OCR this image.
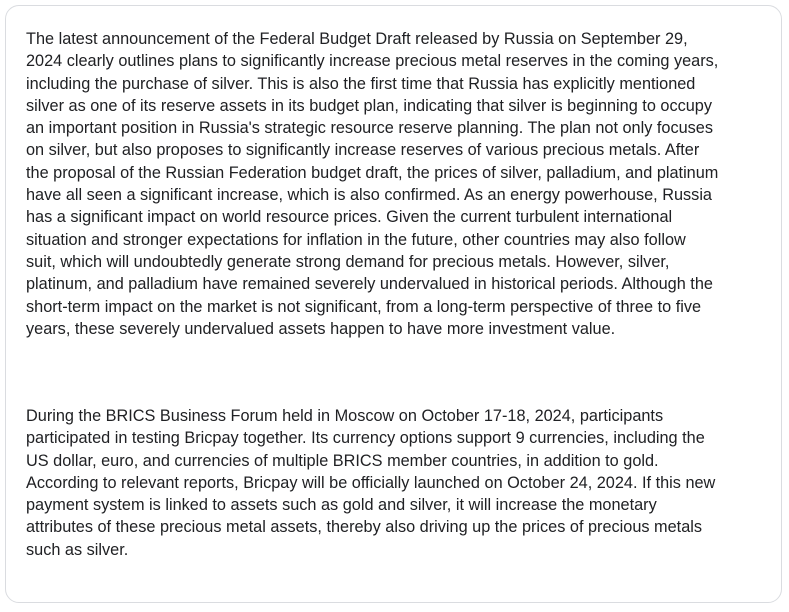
The latest announcement of the Federal Budget Draft released by Russia on September 29,
2024 clearly outlines plans to significantly increase precious metal reserves in the coming years,
including the purchase of silver. This is also the first time that Russia has explicitly mentioned
silver as one of its reserve assets in its budget plan, indicating that silver is beginning to occupy
an important position in Russia's strategic resource reserve planning. The plan not only focuses
on silver, but also proposes to significantly increase reserves of various precious metals. After
the proposal of the Russian Federation budget draft, the prices of silver, palladium, and platinum
have all seen a significant increase, which is also confirmed. As an energy powerhouse, Russia
has a significant impact on world resource prices. Given the current turbulent international
situation and stronger expectations for inflation in the future, other countries may also follow
suit, which will undoubtedly generate strong demand for precious metals. However, silver,
platinum, and palladium have remained severely undervalued in historical periods. Although the
short-term impact on the market is not significant, from a long-term perspective of three to five
years, these severely undervalued assets happen to have more investment value.

During the BRICS Business Forum held in Moscow on October 17-18, 2024, participants
participated in testing Bricpay together. Its currency options support 9 currencies, including the
US dollar, euro, and currencies of multiple BRICS member countries, in addition to gold.
According to relevant reports, Bricpay will be officially launched on October 24, 2024. If this new
payment system is linked to assets such as gold and silver, it will increase the monetary
attributes of these precious metal assets, thereby also driving up the prices of precious metals
such as silver.
